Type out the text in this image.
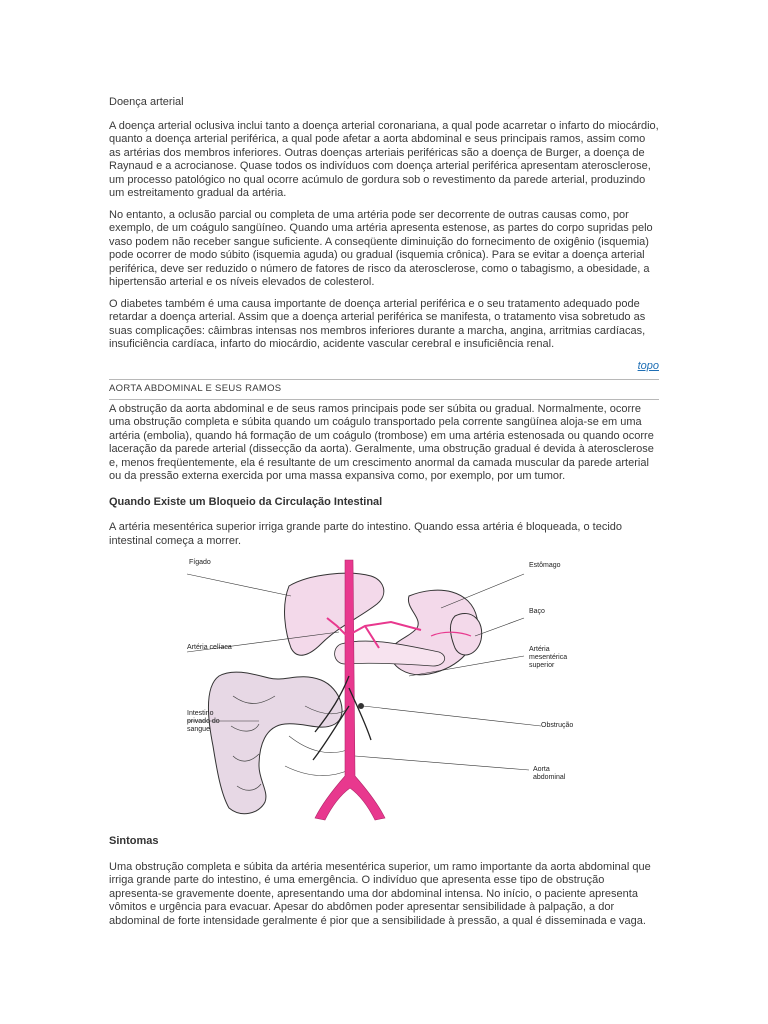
Doença arterial

A doença arterial oclusiva inclui tanto a doença arterial coronariana, a qual pode acarretar o infarto do miocárdio, quanto a doença arterial periférica, a qual pode afetar a aorta abdominal e seus principais ramos, assim como as artérias dos membros inferiores. Outras doenças arteriais periféricas são a doença de Burger, a doença de Raynaud e a acrocianose. Quase todos os indivíduos com doença arterial periférica apresentam aterosclerose, um processo patológico no qual ocorre acúmulo de gordura sob o revestimento da parede arterial, produzindo um estreitamento gradual da artéria.

No entanto, a oclusão parcial ou completa de uma artéria pode ser decorrente de outras causas como, por exemplo, de um coágulo sangüíneo. Quando uma artéria apresenta estenose, as partes do corpo supridas pelo vaso podem não receber sangue suficiente. A conseqüente diminuição do fornecimento de oxigênio (isquemia) pode ocorrer de modo súbito (isquemia aguda) ou gradual (isquemia crônica). Para se evitar a doença arterial periférica, deve ser reduzido o número de fatores de risco da aterosclerose, como o tabagismo, a obesidade, a hipertensão arterial e os níveis elevados de colesterol.

O diabetes também é uma causa importante de doença arterial periférica e o seu tratamento adequado pode retardar a doença arterial. Assim que a doença arterial periférica se manifesta, o tratamento visa sobretudo as suas complicações: câimbras intensas nos membros inferiores durante a marcha, angina, arritmias cardíacas, insuficiência cardíaca, infarto do miocárdio, acidente vascular cerebral e insuficiência renal.

topo
AORTA ABDOMINAL E SEUS RAMOS

A obstrução da aorta abdominal e de seus ramos principais pode ser súbita ou gradual. Normalmente, ocorre uma obstrução completa e súbita quando um coágulo transportado pela corrente sangüínea aloja-se em uma artéria (embolia), quando há formação de um coágulo (trombose) em uma artéria estenosada ou quando ocorre laceração da parede arterial (dissecção da aorta). Geralmente, uma obstrução gradual é devida à aterosclerose e, menos freqüentemente, ela é resultante de um crescimento anormal da camada muscular da parede arterial ou da pressão externa exercida por uma massa expansiva como, por exemplo, por um tumor.

Quando Existe um Bloqueio da Circulação Intestinal

A artéria mesentérica superior irriga grande parte do intestino. Quando essa artéria é bloqueada, o tecido intestinal começa a morrer.

Fígado
Artéria celíaca
Intestino privado do sangue
Estômago
Baço
Artéria mesentérica superior
Obstrução
Aorta abdominal
Sintomas

Uma obstrução completa e súbita da artéria mesentérica superior, um ramo importante da aorta abdominal que irriga grande parte do intestino, é uma emergência. O indivíduo que apresenta esse tipo de obstrução apresenta-se gravemente doente, apresentando uma dor abdominal intensa. No início, o paciente apresenta vômitos e urgência para evacuar. Apesar do abdômen poder apresentar sensibilidade à palpação, a dor abdominal de forte intensidade geralmente é pior que a sensibilidade à pressão, a qual é disseminada e vaga.
